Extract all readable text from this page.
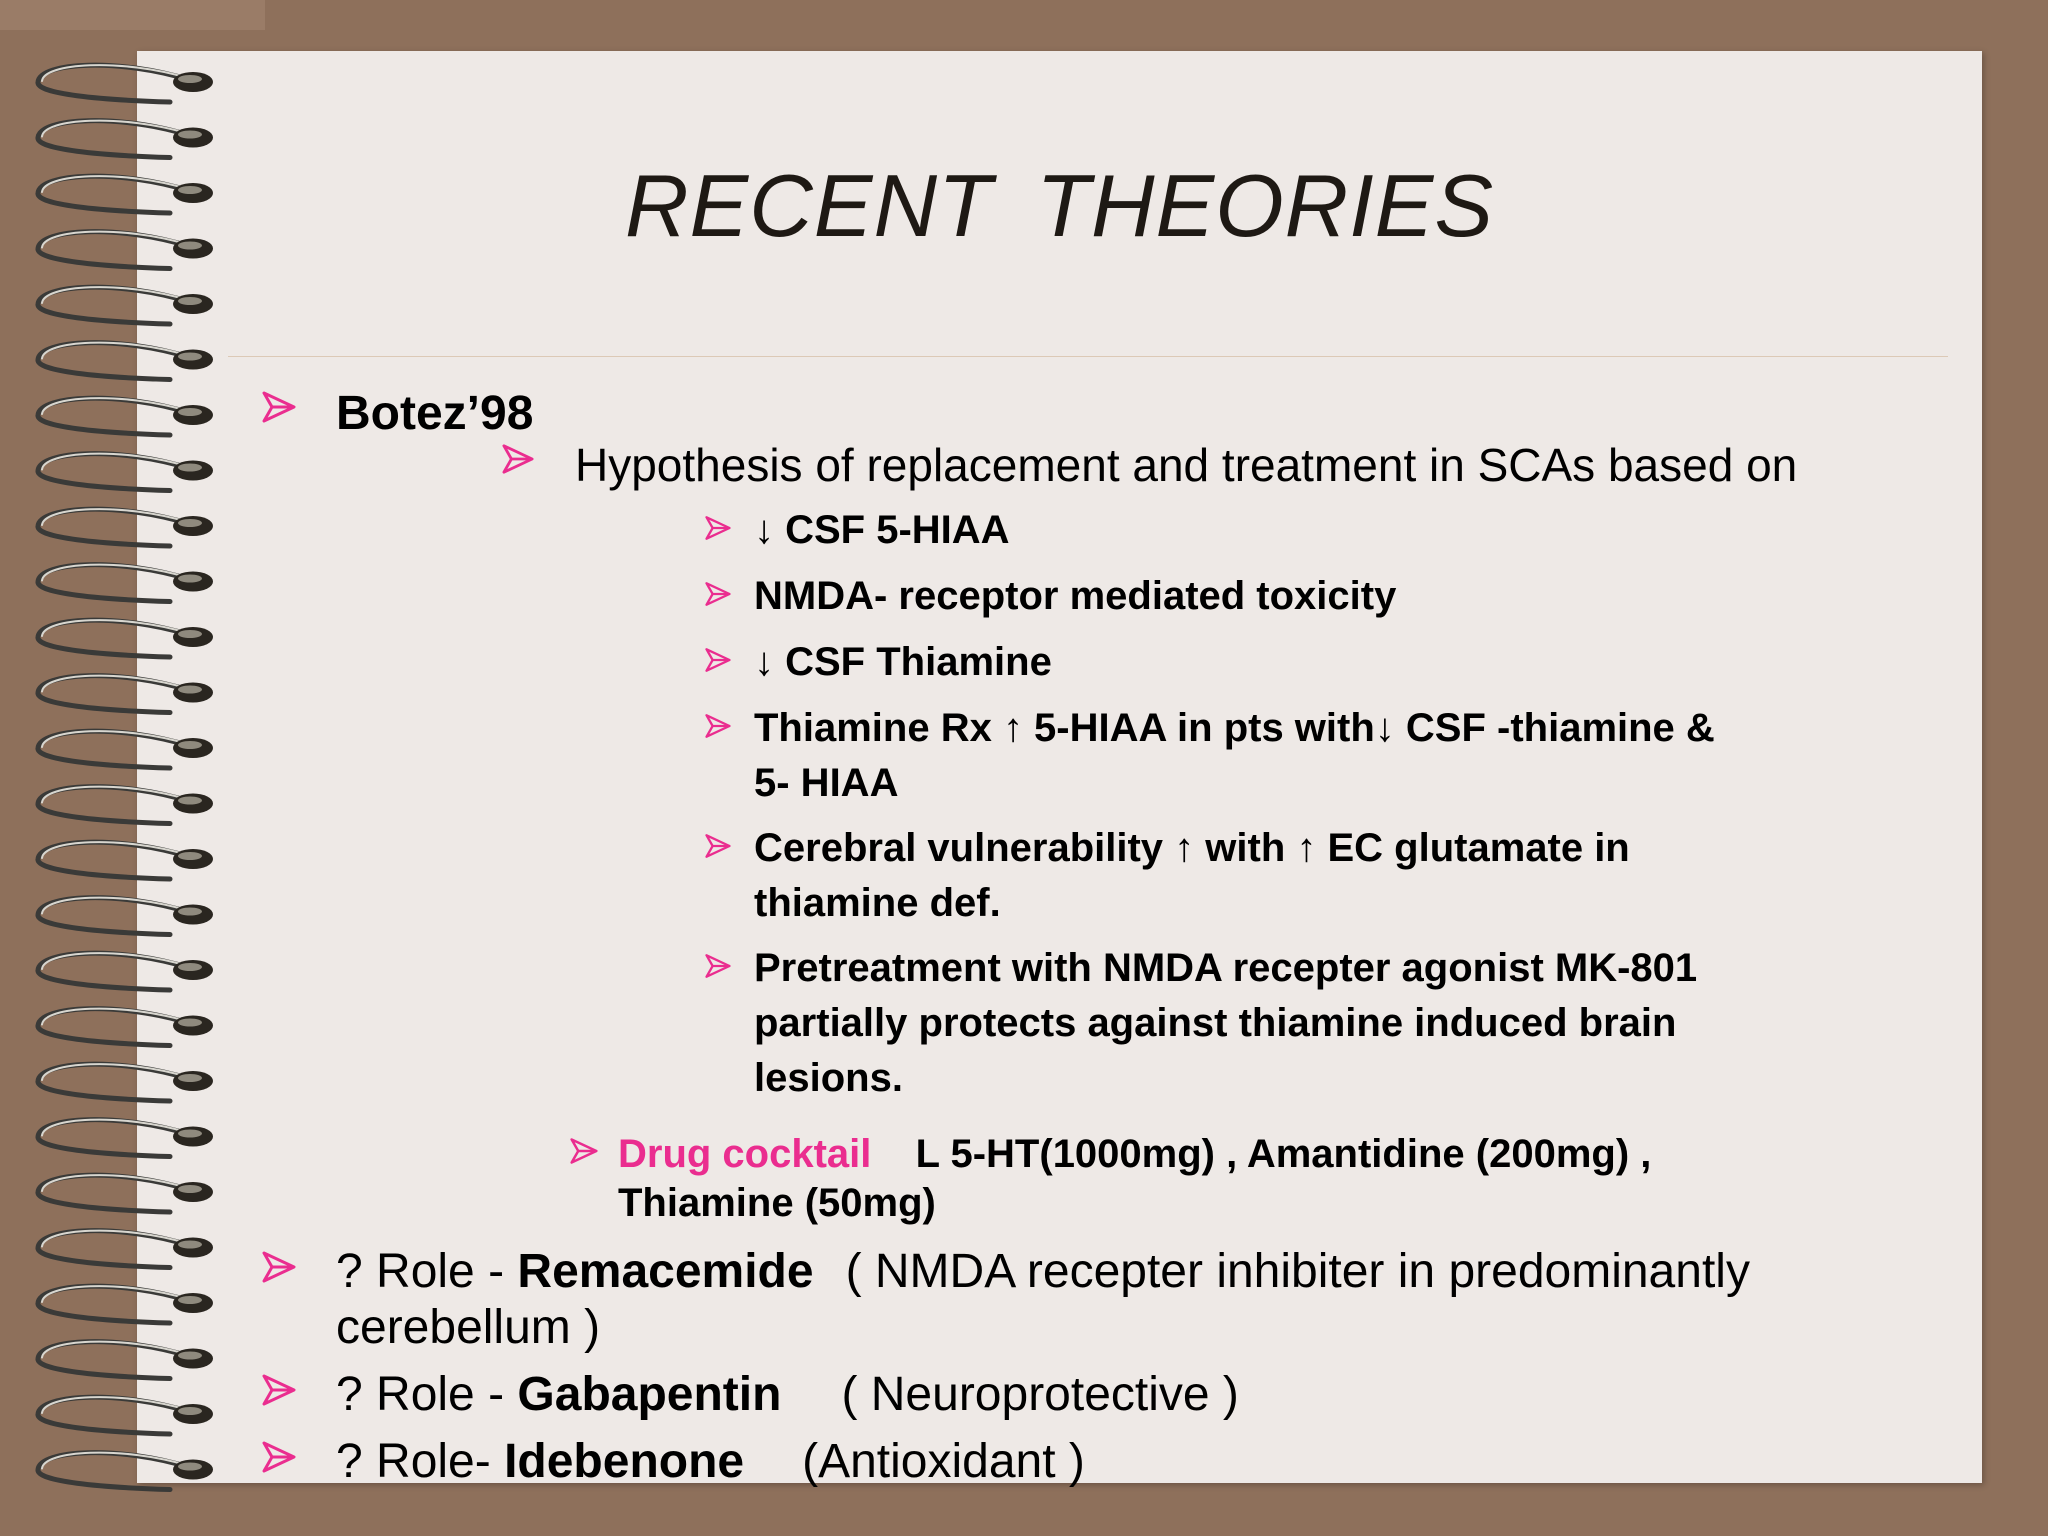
RECENT THEORIES
Botez’98
Hypothesis of replacement and treatment in SCAs based on
↓ CSF 5-HIAA
NMDA- receptor mediated toxicity
↓ CSF Thiamine
Thiamine Rx ↑ 5-HIAA in pts with↓ CSF -thiamine &
5- HIAA
Cerebral vulnerability ↑ with ↑ EC glutamate in
thiamine def.
Pretreatment with NMDA recepter agonist MK-801
partially protects against thiamine induced brain
lesions.
Drug cocktail L 5-HT(1000mg) , Amantidine (200mg) ,
Thiamine (50mg)
? Role - Remacemide ( NMDA recepter inhibiter in predominantly
cerebellum )
? Role - Gabapentin ( Neuroprotective )
? Role- Idebenone (Antioxidant )
